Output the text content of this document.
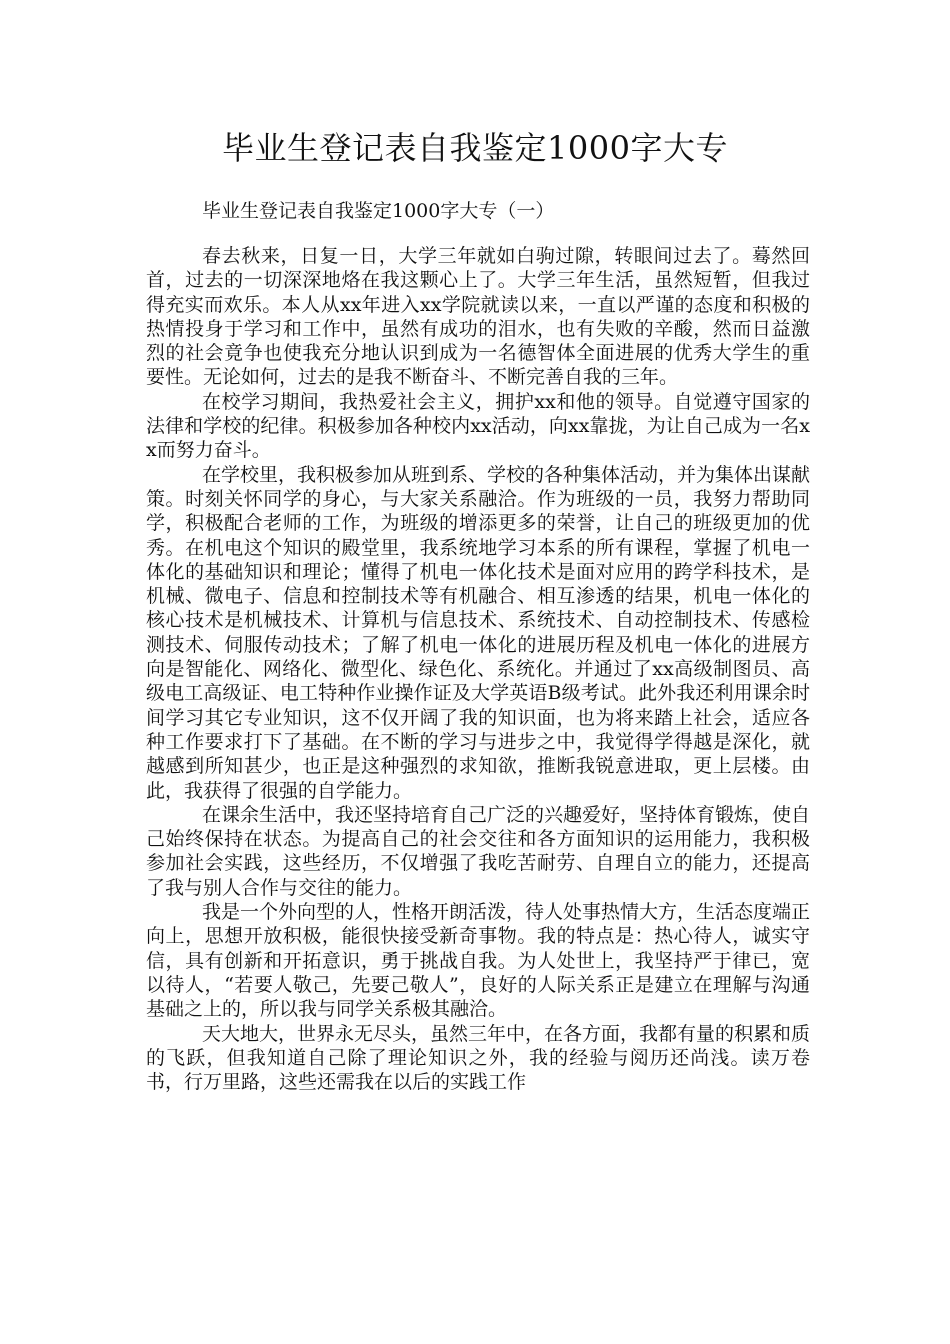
毕业生登记表自我鉴定1000字大专

毕业生登记表自我鉴定1000字大专（一）

春去秋来，日复一日，大学三年就如白驹过隙，转眼间过去了。蓦然回首，过去的一切深深地烙在我这颗心上了。大学三年生活，虽然短暂，但我过得充实而欢乐。本人从xx年进入xx学院就读以来，一直以严谨的态度和积极的热情投身于学习和工作中，虽然有成功的泪水，也有失败的辛酸，然而日益激烈的社会竟争也使我充分地认识到成为一名德智体全面进展的优秀大学生的重要性。无论如何，过去的是我不断奋斗、不断完善自我的三年。

在校学习期间，我热爱社会主义，拥护xx和他的领导。自觉遵守国家的法律和学校的纪律。积极参加各种校内xx活动，向xx靠拢，为让自己成为一名xx而努力奋斗。

在学校里，我积极参加从班到系、学校的各种集体活动，并为集体出谋献策。时刻关怀同学的身心，与大家关系融洽。作为班级的一员，我努力帮助同学，积极配合老师的工作，为班级的增添更多的荣誉，让自己的班级更加的优秀。在机电这个知识的殿堂里，我系统地学习本系的所有课程，掌握了机电一体化的基础知识和理论；懂得了机电一体化技术是面对应用的跨学科技术，是机械、微电子、信息和控制技术等有机融合、相互渗透的结果，机电一体化的核心技术是机械技术、计算机与信息技术、系统技术、自动控制技术、传感检测技术、伺服传动技术；了解了机电一体化的进展历程及机电一体化的进展方向是智能化、网络化、微型化、绿色化、系统化。并通过了xx高级制图员、高级电工高级证、电工特种作业操作证及大学英语B级考试。此外我还利用课余时间学习其它专业知识，这不仅开阔了我的知识面，也为将来踏上社会，适应各种工作要求打下了基础。在不断的学习与进步之中，我觉得学得越是深化，就越感到所知甚少，也正是这种强烈的求知欲，推断我锐意进取，更上层楼。由此，我获得了很强的自学能力。

在课余生活中，我还坚持培育自己广泛的兴趣爱好，坚持体育锻炼，使自己始终保持在状态。为提高自己的社会交往和各方面知识的运用能力，我积极参加社会实践，这些经历，不仅增强了我吃苦耐劳、自理自立的能力，还提高了我与别人合作与交往的能力。

我是一个外向型的人，性格开朗活泼，待人处事热情大方，生活态度端正向上，思想开放积极，能很快接受新奇事物。我的特点是：热心待人，诚实守信，具有创新和开拓意识，勇于挑战自我。为人处世上，我坚持严于律已，宽以待人，“若要人敬己，先要己敬人”，良好的人际关系正是建立在理解与沟通基础之上的，所以我与同学关系极其融洽。

天大地大，世界永无尽头，虽然三年中，在各方面，我都有量的积累和质的飞跃，但我知道自己除了理论知识之外，我的经验与阅历还尚浅。读万卷书，行万里路，这些还需我在以后的实践工作
